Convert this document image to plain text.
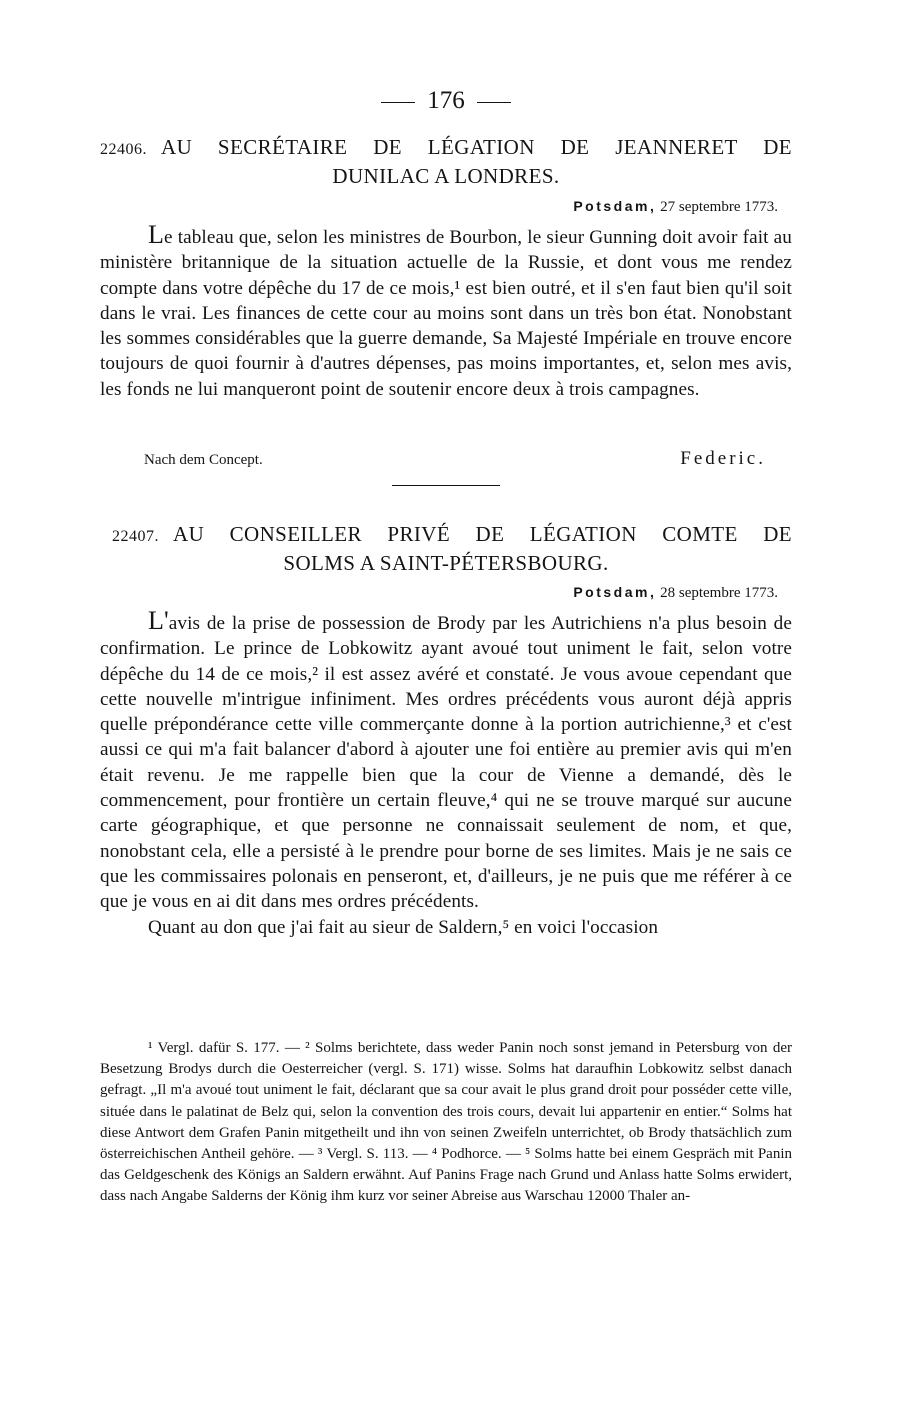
176
22406. AU SECRÉTAIRE DE LÉGATION DE JEANNERET DE
DUNILAC A LONDRES.
Potsdam, 27 septembre 1773.

Le tableau que, selon les ministres de Bourbon, le sieur Gunning doit avoir fait au ministère britannique de la situation actuelle de la Russie, et dont vous me rendez compte dans votre dépêche du 17 de ce mois,¹ est bien outré, et il s'en faut bien qu'il soit dans le vrai. Les finances de cette cour au moins sont dans un très bon état. Nonobstant les sommes considérables que la guerre demande, Sa Majesté Impériale en trouve encore toujours de quoi fournir à d'autres dépenses, pas moins importantes, et, selon mes avis, les fonds ne lui manqueront point de soutenir encore deux à trois campagnes.

Nach dem Concept.	Federic.
22407. AU CONSEILLER PRIVÉ DE LÉGATION COMTE DE
SOLMS A SAINT-PÉTERSBOURG.
Potsdam, 28 septembre 1773.

L'avis de la prise de possession de Brody par les Autrichiens n'a plus besoin de confirmation. Le prince de Lobkowitz ayant avoué tout uniment le fait, selon votre dépêche du 14 de ce mois,² il est assez avéré et constaté. Je vous avoue cependant que cette nouvelle m'intrigue infiniment. Mes ordres précédents vous auront déjà appris quelle prépondérance cette ville commerçante donne à la portion autrichienne,³ et c'est aussi ce qui m'a fait balancer d'abord à ajouter une foi entière au premier avis qui m'en était revenu. Je me rappelle bien que la cour de Vienne a demandé, dès le commencement, pour frontière un certain fleuve,⁴ qui ne se trouve marqué sur aucune carte géographique, et que personne ne connaissait seulement de nom, et que, nonobstant cela, elle a persisté à le prendre pour borne de ses limites. Mais je ne sais ce que les commissaires polonais en penseront, et, d'ailleurs, je ne puis que me référer à ce que je vous en ai dit dans mes ordres précédents.

Quant au don que j'ai fait au sieur de Saldern,⁵ en voici l'occasion

¹ Vergl. dafür S. 177. — ² Solms berichtete, dass weder Panin noch sonst jemand in Petersburg von der Besetzung Brodys durch die Oesterreicher (vergl. S. 171) wisse. Solms hat daraufhin Lobkowitz selbst danach gefragt. „Il m'a avoué tout uniment le fait, déclarant que sa cour avait le plus grand droit pour posséder cette ville, située dans le palatinat de Belz qui, selon la convention des trois cours, devait lui appartenir en entier.“ Solms hat diese Antwort dem Grafen Panin mitgetheilt und ihn von seinen Zweifeln unterrichtet, ob Brody thatsächlich zum österreichischen Antheil gehöre. — ³ Vergl. S. 113. — ⁴ Podhorce. — ⁵ Solms hatte bei einem Gespräch mit Panin das Geldgeschenk des Königs an Saldern erwähnt. Auf Panins Frage nach Grund und Anlass hatte Solms erwidert, dass nach Angabe Salderns der König ihm kurz vor seiner Abreise aus Warschau 12000 Thaler an-
